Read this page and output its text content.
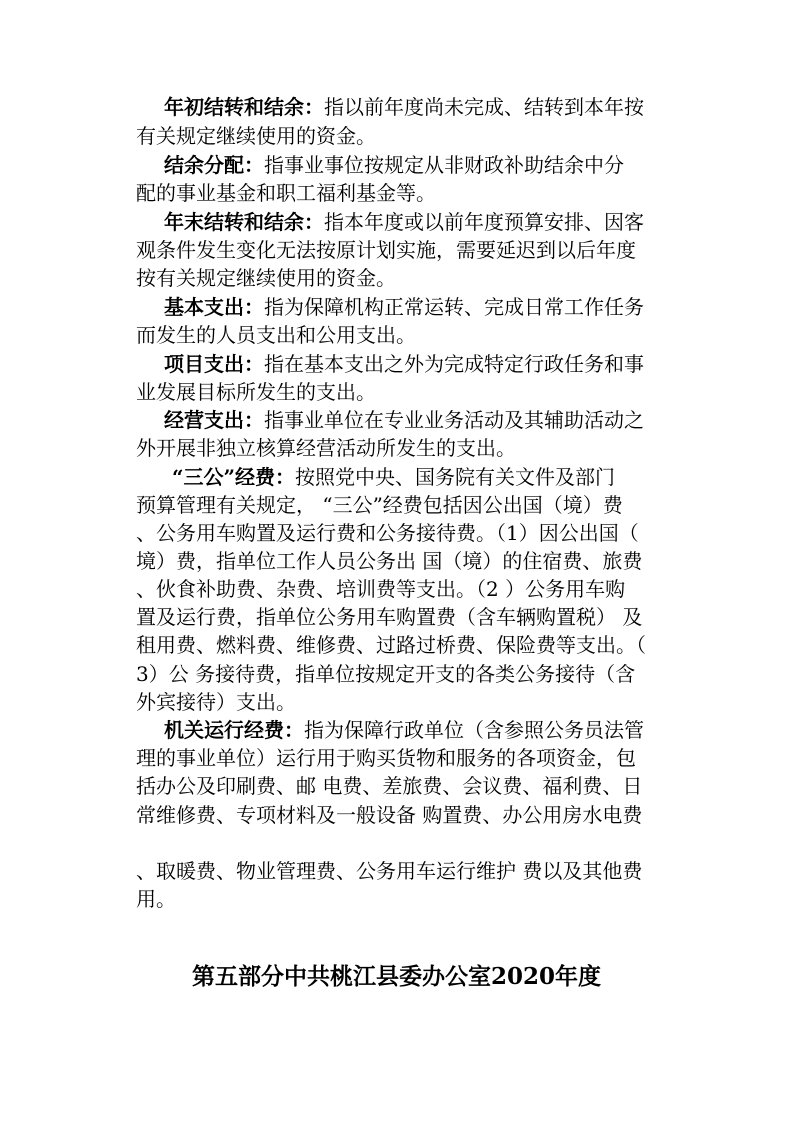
年初结转和结余：指以前年度尚未完成、结转到本年按
有关规定继续使用的资金。
结余分配：指事业事位按规定从非财政补助结余中分
配的事业基金和职工福利基金等。
年末结转和结余：指本年度或以前年度预算安排、因客
观条件发生变化无法按原计划实施，需要延迟到以后年度
按有关规定继续使用的资金。
基本支出：指为保障机构正常运转、完成日常工作任务
而发生的人员支出和公用支出。
项目支出：指在基本支出之外为完成特定行政任务和事
业发展目标所发生的支出。
经营支出：指事业单位在专业业务活动及其辅助活动之
外开展非独立核算经营活动所发生的支出。
“三公”经费：按照党中央、国务院有关文件及部门
预算管理有关规定， “三公”经费包括因公出国（境）费
、公务用车购置及运行费和公务接待费。（1）因公出国（
境）费，指单位工作人员公务出 国（境）的住宿费、旅费
、伙食补助费、杂费、培训费等支出。（2 ）公务用车购
置及运行费，指单位公务用车购置费（含车辆购置税） 及
租用费、燃料费、维修费、过路过桥费、保险费等支出。（
3）公 务接待费，指单位按规定开支的各类公务接待（含
外宾接待）支出。
机关运行经费：指为保障行政单位（含参照公务员法管
理的事业单位）运行用于购买货物和服务的各项资金，包
括办公及印刷费、邮 电费、差旅费、会议费、福利费、日
常维修费、专项材料及一般设备 购置费、办公用房水电费
、取暖费、物业管理费、公务用车运行维护 费以及其他费
用。
第五部分中共桃江县委办公室2020年度
